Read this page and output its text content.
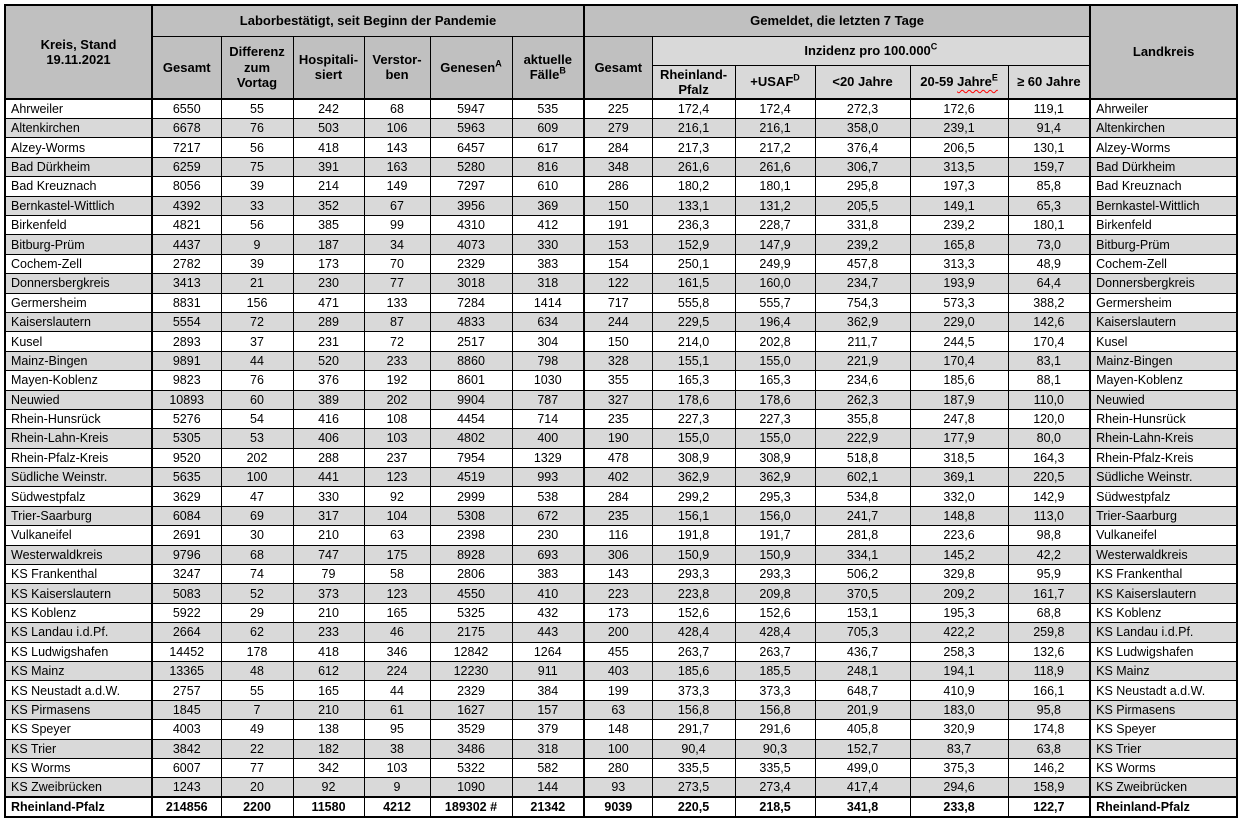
Kreis, Stand
19.11.2021	Laborbestätigt, seit Beginn der Pandemie						Gemeldet, die letzten 7 Tage						Landkreis
	Gesamt	Differenz zum Vortag	Hospitali-siert	Verstor-ben	Genesen$^A$	aktuelle Fälle$^B$	Gesamt	Inzidenz pro $100.000^C$
								Rheinland-Pfalz	$+USAF^D$	<20 Jahre	20-59 Jahre$^E$	≥ 60 Jahre	
Ahrweiler	6550	55	242	68	5947	535	225	172,4	172,4	272,3	172,6	119,1	Ahrweiler
Altenkirchen	6678	76	503	106	5963	609	279	216,1	216,1	358,0	239,1	91,4	Altenkirchen
Alzey-Worms	7217	56	418	143	6457	617	284	217,3	217,2	376,4	206,5	130,1	Alzey-Worms
Bad Dürkheim	6259	75	391	163	5280	816	348	261,6	261,6	306,7	313,5	159,7	Bad Dürkheim
Bad Kreuznach	8056	39	214	149	7297	610	286	180,2	180,1	295,8	197,3	85,8	Bad Kreuznach
Bernkastel-Wittlich	4392	33	352	67	3956	369	150	133,1	131,2	205,5	149,1	65,3	Bernkastel-Wittlich
Birkenfeld	4821	56	385	99	4310	412	191	236,3	228,7	331,8	239,2	180,1	Birkenfeld
Bitburg-Prüm	4437	9	187	34	4073	330	153	152,9	147,9	239,2	165,8	73,0	Bitburg-Prüm
Cochem-Zell	2782	39	173	70	2329	383	154	250,1	249,9	457,8	313,3	48,9	Cochem-Zell
Donnersbergkreis	3413	21	230	77	3018	318	122	161,5	160,0	234,7	193,9	64,4	Donnersbergkreis
Germersheim	8831	156	471	133	7284	1414	717	555,8	555,7	754,3	573,3	388,2	Germersheim
Kaiserslautern	5554	72	289	87	4833	634	244	229,5	196,4	362,9	229,0	142,6	Kaiserslautern
Kusel	2893	37	231	72	2517	304	150	214,0	202,8	211,7	244,5	170,4	Kusel
Mainz-Bingen	9891	44	520	233	8860	798	328	155,1	155,0	221,9	170,4	83,1	Mainz-Bingen
Mayen-Koblenz	9823	76	376	192	8601	1030	355	165,3	165,3	234,6	185,6	88,1	Mayen-Koblenz
Neuwied	10893	60	389	202	9904	787	327	178,6	178,6	262,3	187,9	110,0	Neuwied
Rhein-Hunsrück	5276	54	416	108	4454	714	235	227,3	227,3	355,8	247,8	120,0	Rhein-Hunsrück
Rhein-Lahn-Kreis	5305	53	406	103	4802	400	190	155,0	155,0	222,9	177,9	80,0	Rhein-Lahn-Kreis
Rhein-Pfalz-Kreis	9520	202	288	237	7954	1329	478	308,9	308,9	518,8	318,5	164,3	Rhein-Pfalz-Kreis
Südliche Weinstr.	5635	100	441	123	4519	993	402	362,9	362,9	602,1	369,1	220,5	Südliche Weinstr.
Südwestpfalz	3629	47	330	92	2999	538	284	299,2	295,3	534,8	332,0	142,9	Südwestpfalz
Trier-Saarburg	6084	69	317	104	5308	672	235	156,1	156,0	241,7	148,8	113,0	Trier-Saarburg
Vulkaneifel	2691	30	210	63	2398	230	116	191,8	191,7	281,8	223,6	98,8	Vulkaneifel
Westerwaldkreis	9796	68	747	175	8928	693	306	150,9	150,9	334,1	145,2	42,2	Westerwaldkreis
KS Frankenthal	3247	74	79	58	2806	383	143	293,3	293,3	506,2	329,8	95,9	KS Frankenthal
KS Kaiserslautern	5083	52	373	123	4550	410	223	223,8	209,8	370,5	209,2	161,7	KS Kaiserslautern
KS Koblenz	5922	29	210	165	5325	432	173	152,6	152,6	153,1	195,3	68,8	KS Koblenz
KS Landau i.d.Pf.	2664	62	233	46	2175	443	200	428,4	428,4	705,3	422,2	259,8	KS Landau i.d.Pf.
KS Ludwigshafen	14452	178	418	346	12842	1264	455	263,7	263,7	436,7	258,3	132,6	KS Ludwigshafen
KS Mainz	13365	48	612	224	12230	911	403	185,6	185,5	248,1	194,1	118,9	KS Mainz
KS Neustadt a.d.W.	2757	55	165	44	2329	384	199	373,3	373,3	648,7	410,9	166,1	KS Neustadt a.d.W.
KS Pirmasens	1845	7	210	61	1627	157	63	156,8	156,8	201,9	183,0	95,8	KS Pirmasens
KS Speyer	4003	49	138	95	3529	379	148	291,7	291,6	405,8	320,9	174,8	KS Speyer
KS Trier	3842	22	182	38	3486	318	100	90,4	90,3	152,7	83,7	63,8	KS Trier
KS Worms	6007	77	342	103	5322	582	280	335,5	335,5	499,0	375,3	146,2	KS Worms
KS Zweibrücken	1243	20	92	9	1090	144	93	273,5	273,4	417,4	294,6	158,9	KS Zweibrücken
Rheinland-Pfalz	214856	2200	11580	4212	189302 #	21342	9039	220,5	218,5	341,8	233,8	122,7	Rheinland-Pfalz
